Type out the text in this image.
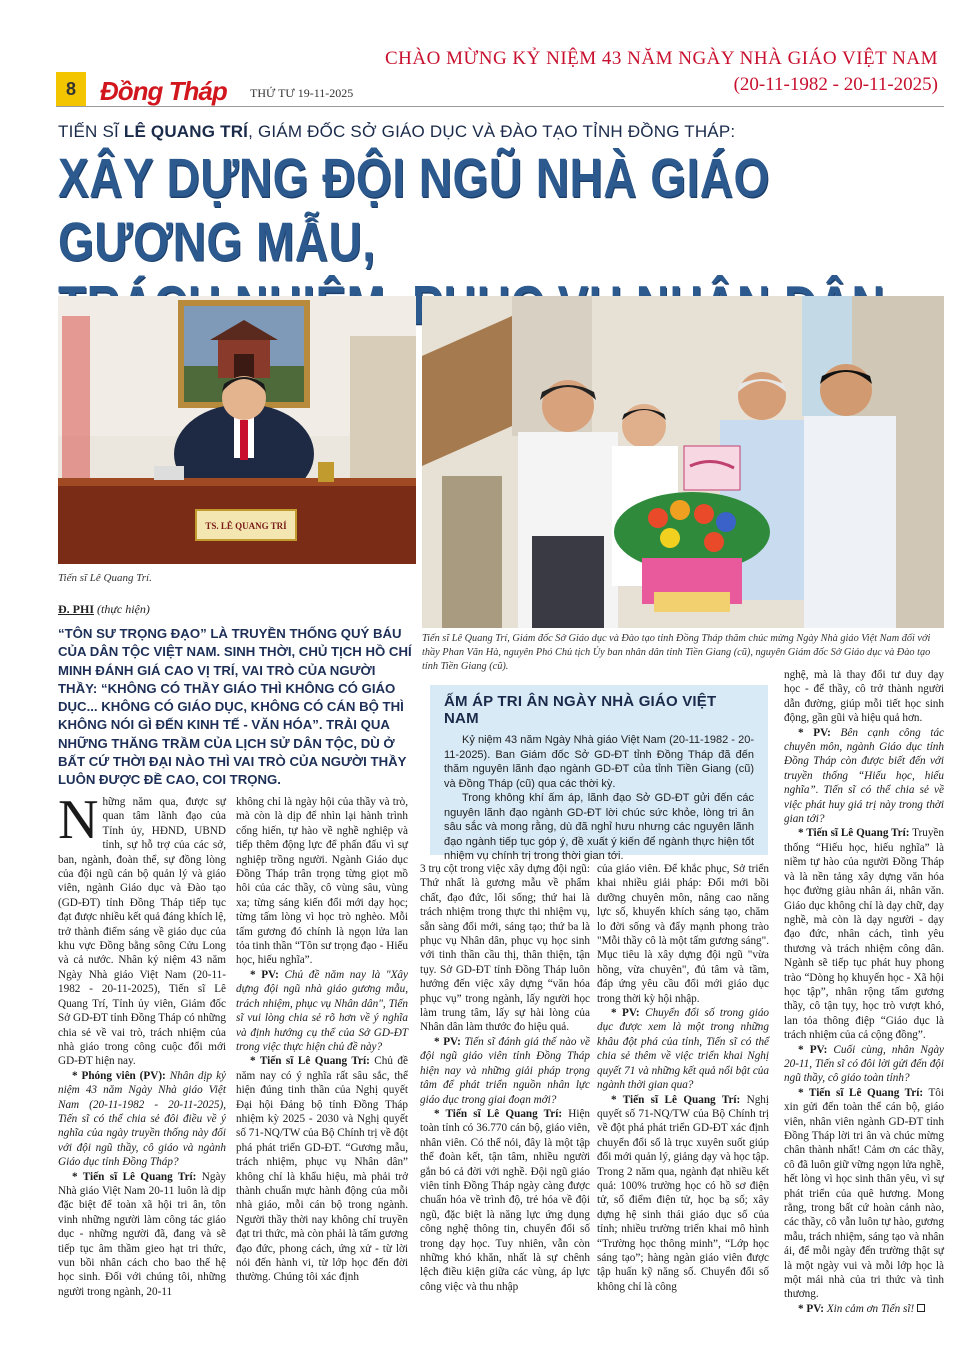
8 Đồng Tháp THỨ TƯ 19-11-2025
CHÀO MỪNG KỶ NIỆM 43 NĂM NGÀY NHÀ GIÁO VIỆT NAM
(20-11-1982 - 20-11-2025)
TIẾN SĨ LÊ QUANG TRÍ, GIÁM ĐỐC SỞ GIÁO DỤC VÀ ĐÀO TẠO TỈNH ĐỒNG THÁP:
XÂY DỰNG ĐỘI NGŨ NHÀ GIÁO GƯƠNG MẪU,
TS. LÊ QUANG TRÍ
Tiến sĩ Lê Quang Trí.
Tiến sĩ Lê Quang Trí, Giám đốc Sở Giáo dục và Đào tạo tỉnh Đồng Tháp thăm chúc mừng Ngày Nhà giáo Việt Nam đối với thầy Phan Văn Hà, nguyên Phó Chủ tịch Ủy ban nhân dân tỉnh Tiền Giang (cũ), nguyên Giám đốc Sở Giáo dục và Đào tạo tỉnh Tiền Giang (cũ).
Đ. PHI (thực hiện)
“TÔN SƯ TRỌNG ĐẠO” LÀ TRUYỀN THỐNG QUÝ BÁU CỦA DÂN TỘC VIỆT NAM. SINH THỜI, CHỦ TỊCH HỒ CHÍ MINH ĐÁNH GIÁ CAO VỊ TRÍ, VAI TRÒ CỦA NGƯỜI THẦY: “KHÔNG CÓ THẦY GIÁO THÌ KHÔNG CÓ GIÁO DỤC... KHÔNG CÓ GIÁO DỤC, KHÔNG CÓ CÁN BỘ THÌ KHÔNG NÓI GÌ ĐẾN KINH TẾ - VĂN HÓA”. TRẢI QUA NHỮNG THĂNG TRẦM CỦA LỊCH SỬ DÂN TỘC, DÙ Ở BẤT CỨ THỜI ĐẠI NÀO THÌ VAI TRÒ CỦA NGƯỜI THẦY LUÔN ĐƯỢC ĐỀ CAO, COI TRỌNG.
ẤM ÁP TRI ÂN NGÀY NHÀ GIÁO VIỆT NAM

Kỷ niệm 43 năm Ngày Nhà giáo Việt Nam (20-11-1982 - 20-11-2025). Ban Giám đốc Sở GD-ĐT tỉnh Đồng Tháp đã đến thăm nguyên lãnh đạo ngành GD-ĐT của tỉnh Tiền Giang (cũ) và Đồng Tháp (cũ) qua các thời kỳ.

Trong không khí ấm áp, lãnh đạo Sở GD-ĐT gửi đến các nguyên lãnh đạo ngành GD-ĐT lời chúc sức khỏe, lòng tri ân sâu sắc và mong rằng, dù đã nghỉ hưu nhưng các nguyên lãnh đạo ngành tiếp tục góp ý, đề xuất ý kiến để ngành thực hiện tốt nhiệm vụ chính trị trong thời gian tới.

Những năm qua, được sự quan tâm lãnh đạo của Tỉnh ủy, HĐND, UBND tỉnh, sự hỗ trợ của các sở, ban, ngành, đoàn thể, sự đồng lòng của đội ngũ cán bộ quản lý và giáo viên, ngành Giáo dục và Đào tạo (GD-ĐT) tỉnh Đồng Tháp tiếp tục đạt được nhiều kết quả đáng khích lệ, trở thành điểm sáng về giáo dục của khu vực Đồng bằng sông Cửu Long và cả nước. Nhân kỷ niệm 43 năm Ngày Nhà giáo Việt Nam (20-11-1982 - 20-11-2025), Tiến sĩ Lê Quang Trí, Tỉnh ủy viên, Giám đốc Sở GD-ĐT tỉnh Đồng Tháp có những chia sẻ về vai trò, trách nhiệm của nhà giáo trong công cuộc đổi mới GD-ĐT hiện nay.

* Phóng viên (PV): Nhân dịp kỷ niệm 43 năm Ngày Nhà giáo Việt Nam (20-11-1982 - 20-11-2025), Tiến sĩ có thể chia sẻ đôi điều về ý nghĩa của ngày truyền thống này đối với đội ngũ thầy, cô giáo và ngành Giáo dục tỉnh Đồng Tháp?

* Tiến sĩ Lê Quang Trí: Ngày Nhà giáo Việt Nam 20-11 luôn là dịp đặc biệt để toàn xã hội tri ân, tôn vinh những người làm công tác giáo dục - những người đã, đang và sẽ tiếp tục âm thầm gieo hạt tri thức, vun bồi nhân cách cho bao thế hệ học sinh. Đối với chúng tôi, những người trong ngành, 20-11

không chỉ là ngày hội của thầy và trò, mà còn là dịp để nhìn lại hành trình cống hiến, tự hào về nghề nghiệp và tiếp thêm động lực để phấn đấu vì sự nghiệp trồng người. Ngành Giáo dục Đồng Tháp trân trọng từng giọt mồ hôi của các thầy, cô vùng sâu, vùng xa; từng sáng kiến đổi mới dạy học; từng tấm lòng vì học trò nghèo. Mỗi tấm gương đó chính là ngọn lửa lan tỏa tinh thần “Tôn sư trọng đạo - Hiếu học, hiếu nghĩa”.

* PV: Chủ đề năm nay là "Xây dựng đội ngũ nhà giáo gương mẫu, trách nhiệm, phục vụ Nhân dân", Tiến sĩ vui lòng chia sẻ rõ hơn về ý nghĩa và định hướng cụ thể của Sở GD-ĐT trong việc thực hiện chủ đề này?

* Tiến sĩ Lê Quang Trí: Chủ đề năm nay có ý nghĩa rất sâu sắc, thể hiện đúng tinh thần của Nghị quyết Đại hội Đảng bộ tỉnh Đồng Tháp nhiệm kỳ 2025 - 2030 và Nghị quyết số 71-NQ/TW của Bộ Chính trị về đột phá phát triển GD-ĐT. “Gương mẫu, trách nhiệm, phục vụ Nhân dân” không chỉ là khẩu hiệu, mà phải trở thành chuẩn mực hành động của mỗi nhà giáo, mỗi cán bộ trong ngành. Người thầy thời nay không chỉ truyền đạt tri thức, mà còn phải là tấm gương đạo đức, phong cách, ứng xử - từ lời nói đến hành vi, từ lớp học đến đời thường. Chúng tôi xác định

3 trụ cột trong việc xây dựng đội ngũ: Thứ nhất là gương mẫu về phẩm chất, đạo đức, lối sống; thứ hai là trách nhiệm trong thực thi nhiệm vụ, sẵn sàng đổi mới, sáng tạo; thứ ba là phục vụ Nhân dân, phục vụ học sinh với tinh thần cầu thị, thân thiện, tận tụy. Sở GD-ĐT tỉnh Đồng Tháp luôn hướng đến việc xây dựng “văn hóa phục vụ” trong ngành, lấy người học làm trung tâm, lấy sự hài lòng của Nhân dân làm thước đo hiệu quả.

* PV: Tiến sĩ đánh giá thế nào về đội ngũ giáo viên tỉnh Đồng Tháp hiện nay và những giải pháp trọng tâm để phát triển nguồn nhân lực giáo dục trong giai đoạn mới?

* Tiến sĩ Lê Quang Trí: Hiện toàn tỉnh có 36.770 cán bộ, giáo viên, nhân viên. Có thể nói, đây là một tập thể đoàn kết, tận tâm, nhiều người gắn bó cả đời với nghề. Đội ngũ giáo viên tỉnh Đồng Tháp ngày càng được chuẩn hóa về trình độ, trẻ hóa về đội ngũ, đặc biệt là năng lực ứng dụng công nghệ thông tin, chuyển đổi số trong dạy học. Tuy nhiên, vẫn còn những khó khăn, nhất là sự chênh lệch điều kiện giữa các vùng, áp lực công việc và thu nhập

của giáo viên. Để khắc phục, Sở triển khai nhiều giải pháp: Đổi mới bồi dưỡng chuyên môn, nâng cao năng lực số, khuyến khích sáng tạo, chăm lo đời sống và đẩy mạnh phong trào "Mỗi thầy cô là một tấm gương sáng". Mục tiêu là xây dựng đội ngũ "vừa hồng, vừa chuyên", đủ tâm và tầm, đáp ứng yêu cầu đổi mới giáo dục trong thời kỳ hội nhập.

* PV: Chuyển đổi số trong giáo dục được xem là một trong những khâu đột phá của tỉnh, Tiến sĩ có thể chia sẻ thêm về việc triển khai Nghị quyết 71 và những kết quả nổi bật của ngành thời gian qua?

* Tiến sĩ Lê Quang Trí: Nghị quyết số 71-NQ/TW của Bộ Chính trị về đột phá phát triển GD-ĐT xác định chuyển đổi số là trục xuyên suốt giúp đổi mới quản lý, giảng dạy và học tập. Trong 2 năm qua, ngành đạt nhiều kết quả: 100% trường học có hồ sơ điện tử, sổ điểm điện tử, học bạ số; xây dựng hệ sinh thái giáo dục số của tỉnh; nhiều trường triển khai mô hình “Trường học thông minh”, “Lớp học sáng tạo”; hàng ngàn giáo viên được tập huấn kỹ năng số. Chuyển đổi số không chỉ là công

nghệ, mà là thay đổi tư duy dạy học - để thầy, cô trở thành người dẫn đường, giúp mỗi tiết học sinh động, gần gũi và hiệu quả hơn.

* PV: Bên cạnh công tác chuyên môn, ngành Giáo dục tỉnh Đồng Tháp còn được biết đến với truyền thống “Hiếu học, hiếu nghĩa”. Tiến sĩ có thể chia sẻ về việc phát huy giá trị này trong thời gian tới?

* Tiến sĩ Lê Quang Trí: Truyền thống “Hiếu học, hiếu nghĩa” là niềm tự hào của người Đồng Tháp và là nền tảng xây dựng văn hóa học đường giàu nhân ái, nhân văn. Giáo dục không chỉ là dạy chữ, dạy nghề, mà còn là dạy người - dạy đạo đức, nhân cách, tình yêu thương và trách nhiệm công dân. Ngành sẽ tiếp tục phát huy phong trào “Dòng họ khuyến học - Xã hội học tập”, nhân rộng tấm gương thầy, cô tận tụy, học trò vượt khó, lan tỏa thông điệp “Giáo dục là trách nhiệm của cả cộng đồng”.

* PV: Cuối cùng, nhân Ngày 20-11, Tiến sĩ có đôi lời gửi đến đội ngũ thầy, cô giáo toàn tỉnh?

* Tiến sĩ Lê Quang Trí: Tôi xin gửi đến toàn thể cán bộ, giáo viên, nhân viên ngành GD-ĐT tỉnh Đồng Tháp lời tri ân và chúc mừng chân thành nhất! Cảm ơn các thầy, cô đã luôn giữ vững ngọn lửa nghề, hết lòng vì học sinh thân yêu, vì sự phát triển của quê hương. Mong rằng, trong bất cứ hoàn cảnh nào, các thầy, cô vẫn luôn tự hào, gương mẫu, trách nhiệm, sáng tạo và nhân ái, để mỗi ngày đến trường thật sự là một ngày vui và mỗi lớp học là một mái nhà của tri thức và tình thương.

* PV: Xin cảm ơn Tiến sĩ!
